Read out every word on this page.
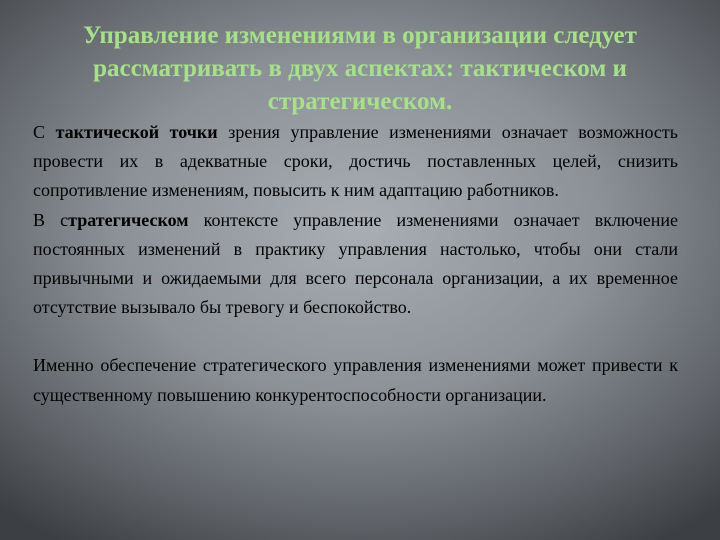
Управление изменениями в организации следует рассматривать в двух аспектах: тактическом и стратегическом.

С тактической точки зрения управление изменениями означает возможность провести их в адекватные сроки, достичь поставленных целей, снизить сопротивление изменениям, повысить к ним адаптацию работников.

В стратегическом контексте управление изменениями означает включение постоянных изменений в практику управления настолько, чтобы они стали привычными и ожидаемыми для всего персонала организации, а их временное отсутствие вызывало бы тревогу и беспокойство.

Именно обеспечение стратегического управления изменениями может привести к существенному повышению конкурентоспособности организации.
